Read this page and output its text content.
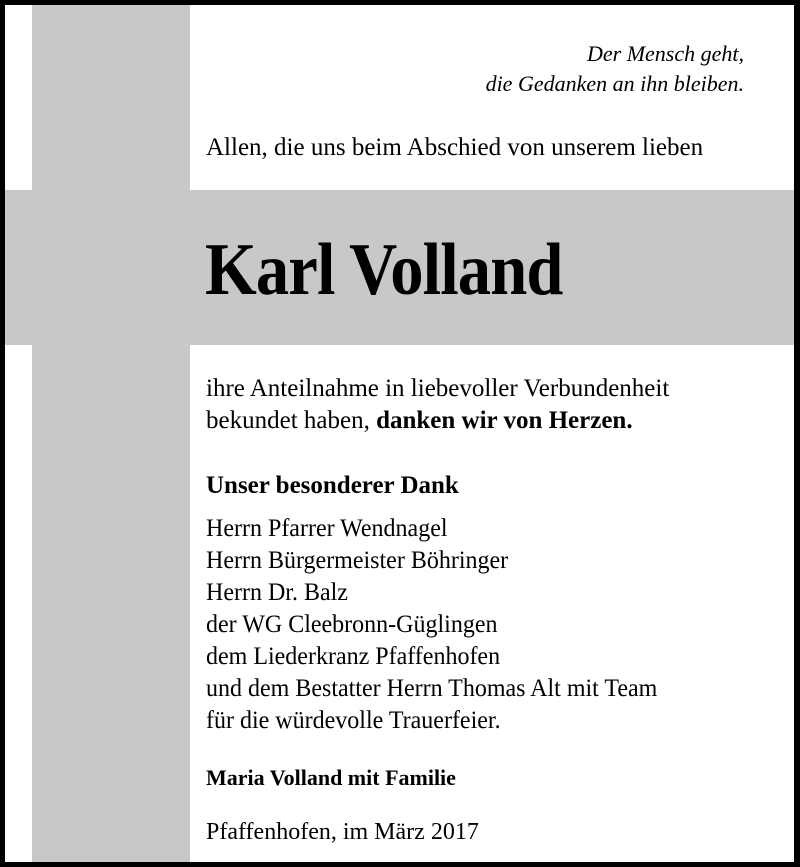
Der Mensch geht,
die Gedanken an ihn bleiben.
Allen, die uns beim Abschied von unserem lieben
Karl Volland
ihre Anteilnahme in liebevoller Verbundenheit
bekundet haben, danken wir von Herzen.
Unser besonderer Dank
Herrn Pfarrer Wendnagel
Herrn Bürgermeister Böhringer
Herrn Dr. Balz
der WG Cleebronn-Güglingen
dem Liederkranz Pfaffenhofen
und dem Bestatter Herrn Thomas Alt mit Team
für die würdevolle Trauerfeier.
Maria Volland mit Familie
Pfaffenhofen, im März 2017
